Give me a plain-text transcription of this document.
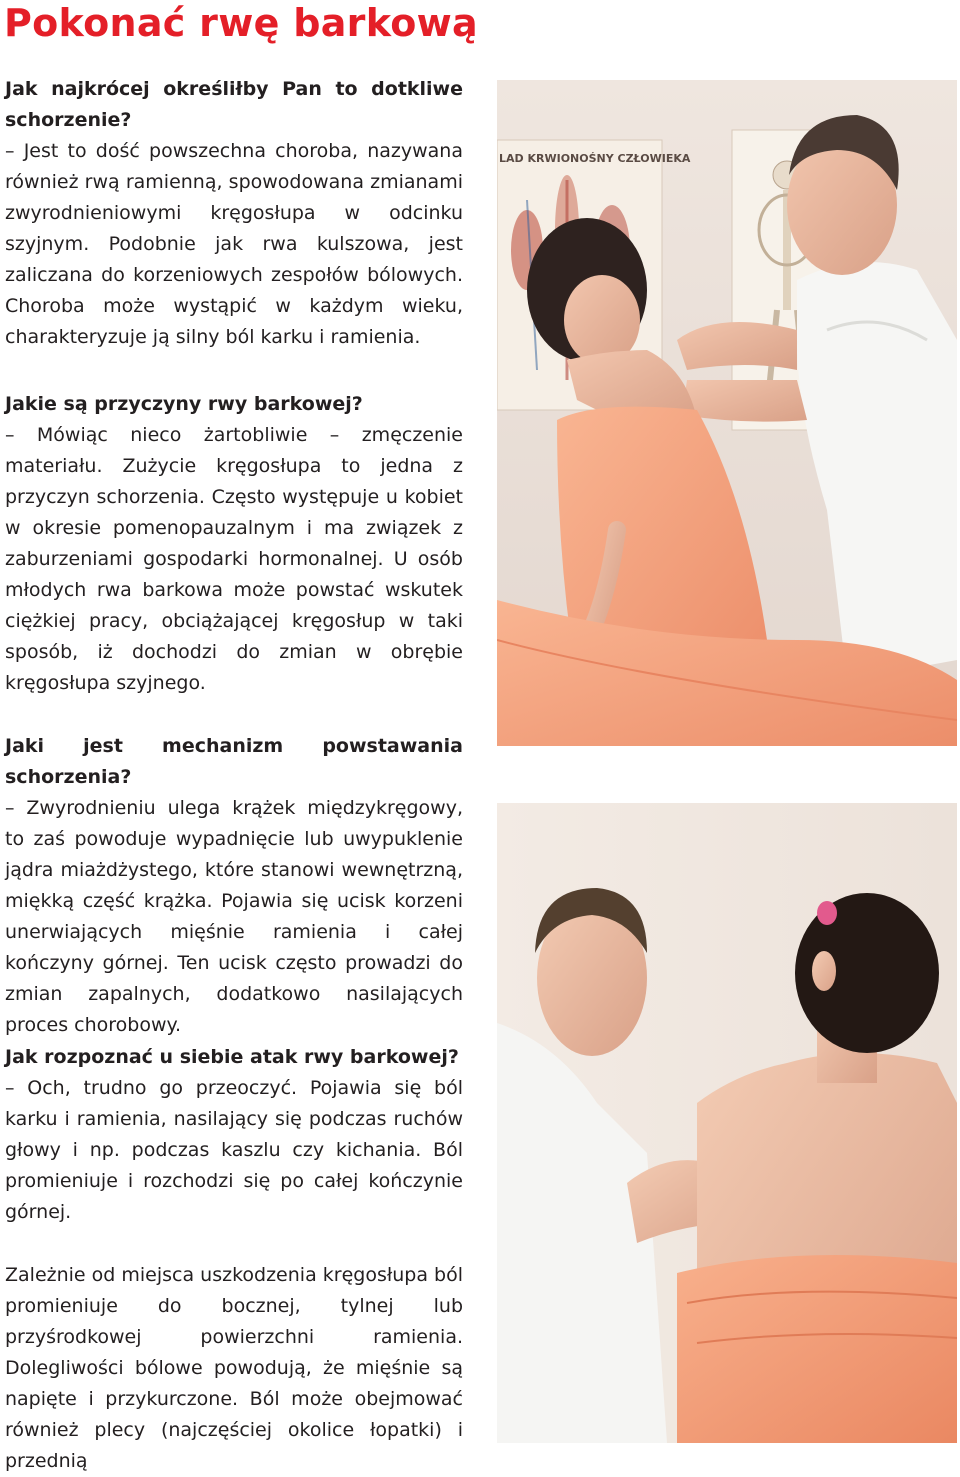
Pokonać rwę barkową

Jak najkrócej określiłby Pan to dotkliwe schorzenie?

– Jest to dość powszechna choroba, nazywana również rwą ramienną, spowodowana zmianami zwyrodnieniowymi kręgosłupa w odcinku szyjnym. Podobnie jak rwa kulszowa, jest zaliczana do korzeniowych zespołów bólowych. Choroba może wystąpić w każdym wieku, charakteryzuje ją silny ból karku i ramienia.

Jakie są przyczyny rwy barkowej?

– Mówiąc nieco żartobliwie – zmęczenie materiału. Zużycie kręgosłupa to jedna z przyczyn schorzenia. Często występuje u kobiet w okresie pomenopauzalnym i ma związek z zaburzeniami gospodarki hormonalnej. U osób młodych rwa barkowa może powstać wskutek ciężkiej pracy, obciążającej kręgosłup w taki sposób, iż dochodzi do zmian w obrębie kręgosłupa szyjnego.

Jaki jest mechanizm powstawania schorzenia?

– Zwyrodnieniu ulega krążek międzykręgowy, to zaś powoduje wypadnięcie lub uwypuklenie jądra miażdżystego, które stanowi wewnętrzną, miękką część krążka. Pojawia się ucisk korzeni unerwiających mięśnie ramienia i całej kończyny górnej. Ten ucisk często prowadzi do zmian zapalnych, dodatkowo nasilających proces chorobowy.

Jak rozpoznać u siebie atak rwy barkowej?

– Och, trudno go przeoczyć. Pojawia się ból karku i ramienia, nasilający się podczas ruchów głowy i np. podczas kaszlu czy kichania. Ból promieniuje i rozchodzi się po całej kończynie górnej.

Zależnie od miejsca uszkodzenia kręgosłupa ból promieniuje do bocznej, tylnej lub przyśrodkowej powierzchni ramienia. Dolegliwości bólowe powodują, że mięśnie są napięte i przykurczone. Ból może obejmować również plecy (najczęściej okolice łopatki) i przednią

LAD KRWIONOŚNY CZŁOWIEKA
